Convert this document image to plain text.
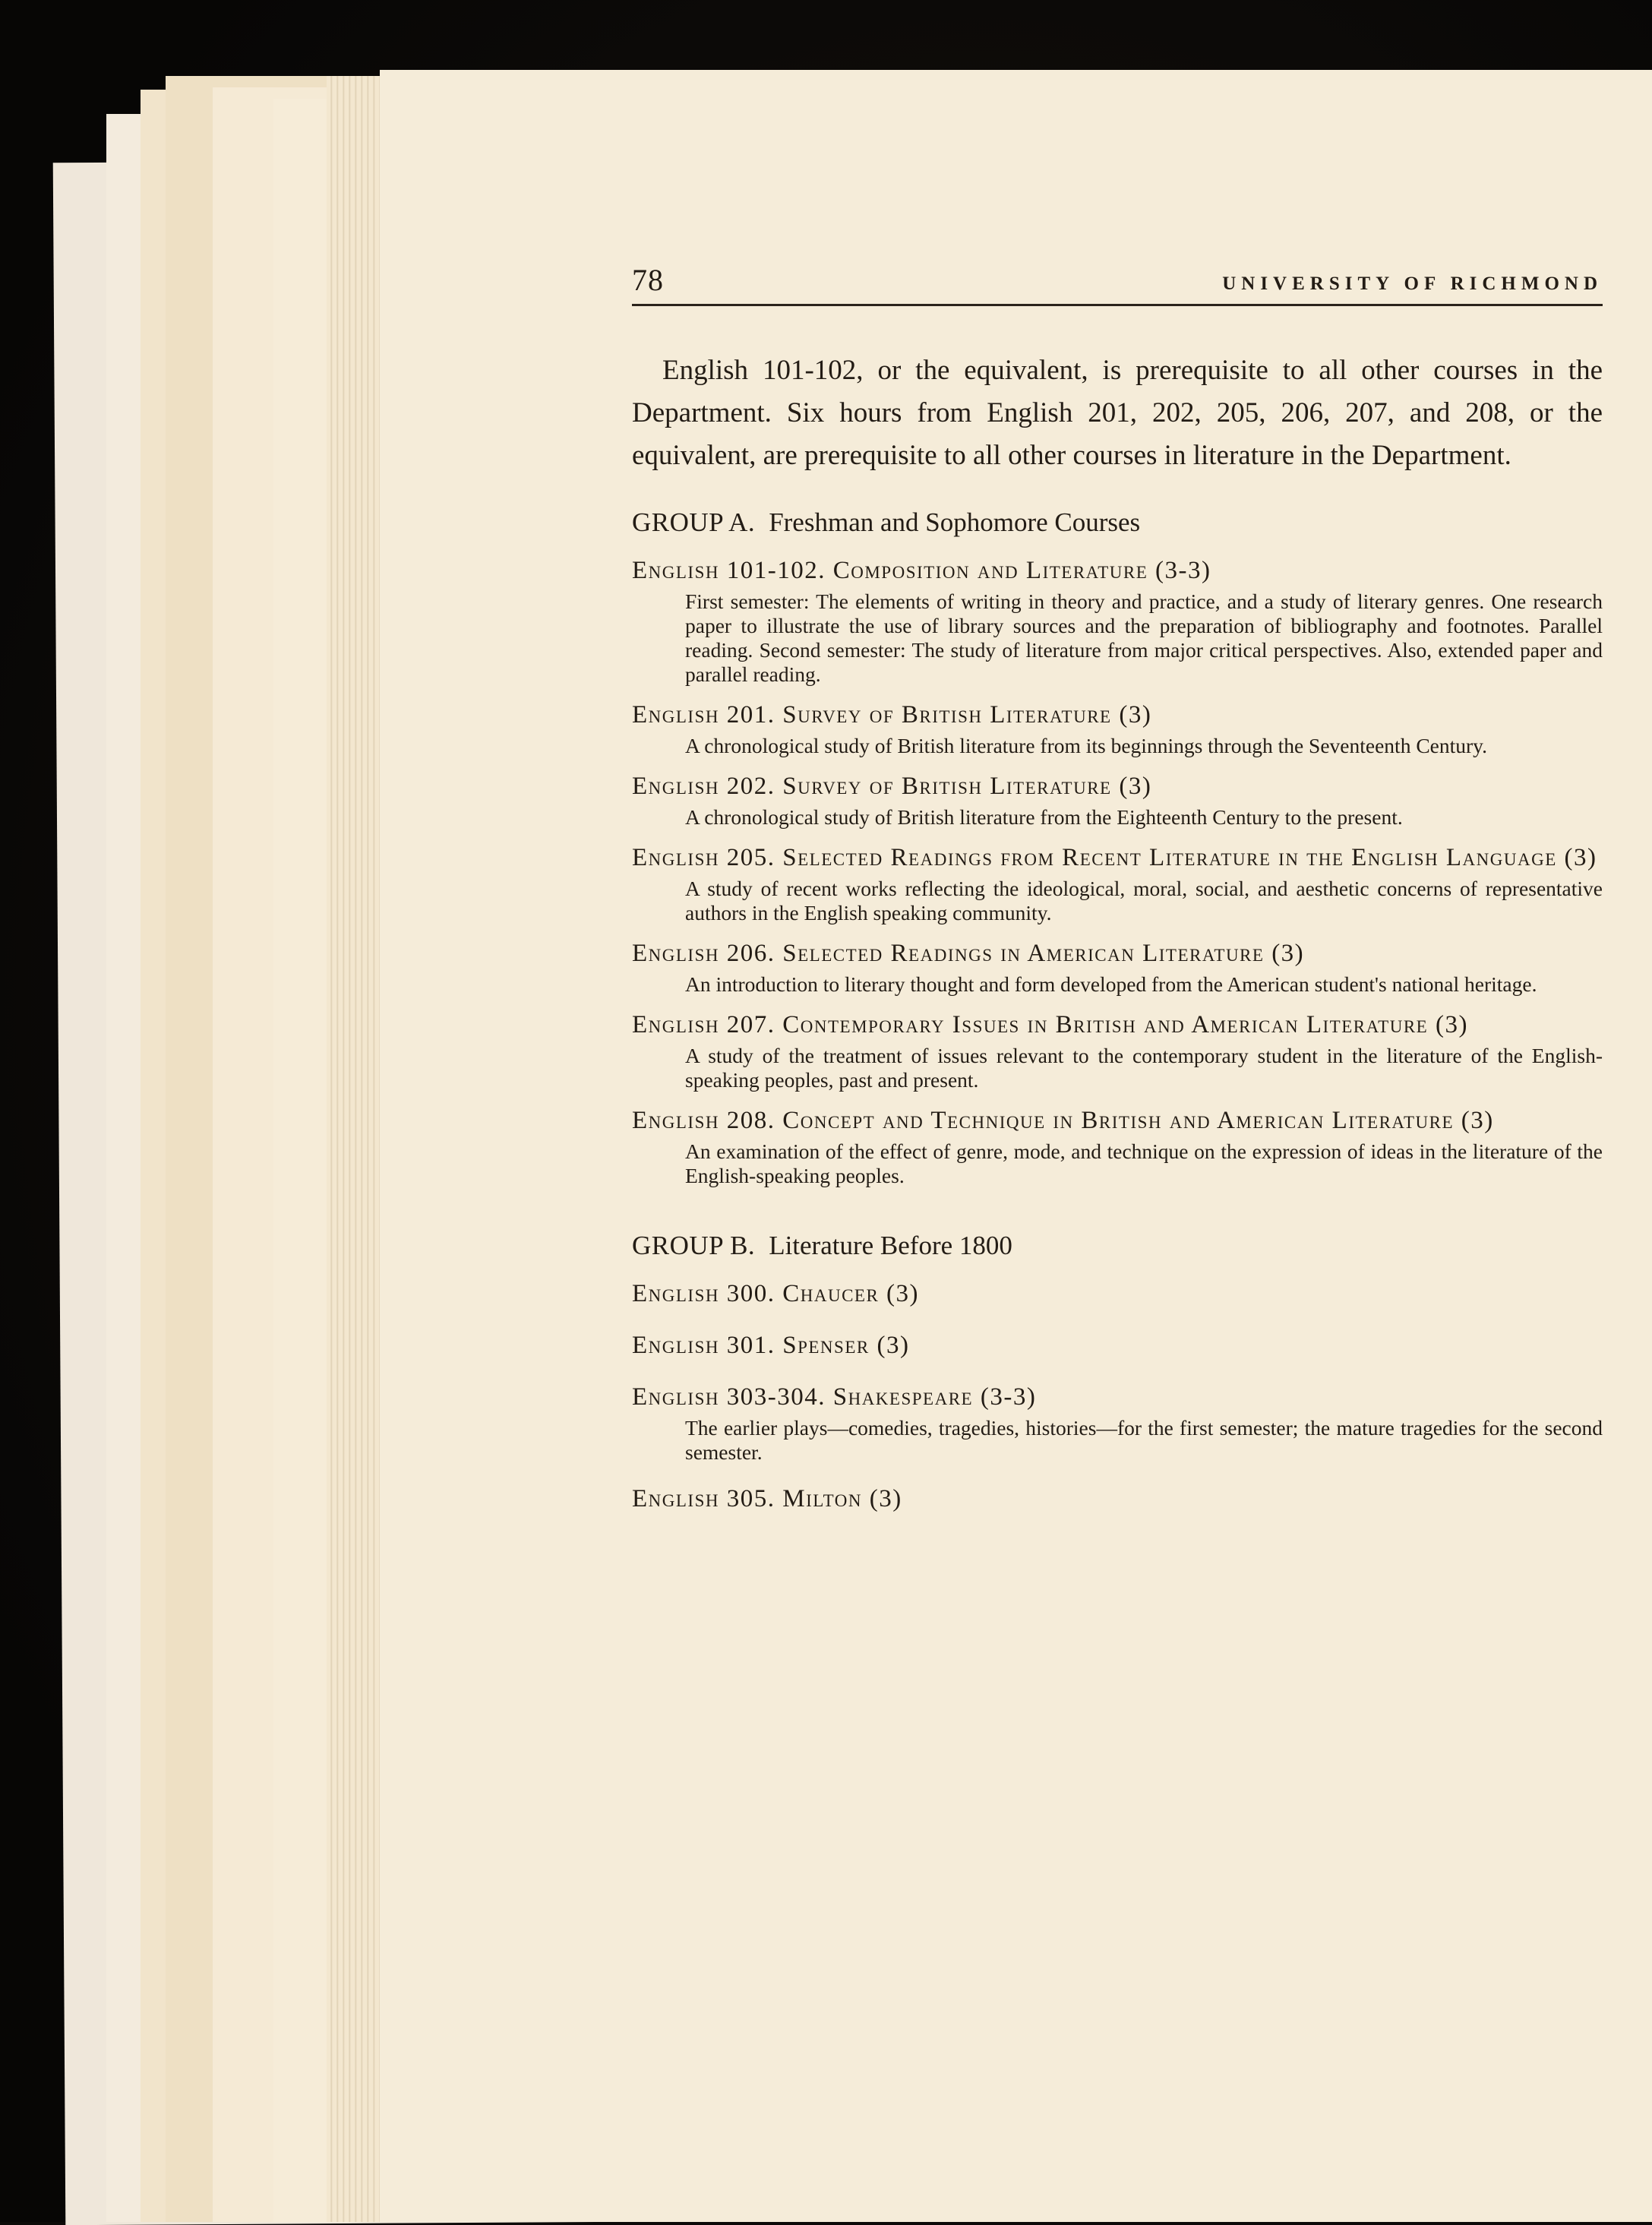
78	UNIVERSITY OF RICHMOND

English 101-102, or the equivalent, is prerequisite to all other courses in the Department. Six hours from English 201, 202, 205, 206, 207, and 208, or the equivalent, are prerequisite to all other courses in literature in the Department.

GROUP A. Freshman and Sophomore Courses
English 101-102. Composition and Literature (3-3)
First semester: The elements of writing in theory and practice, and a study of literary genres. One research paper to illustrate the use of library sources and the preparation of bibliography and footnotes. Parallel reading. Second semester: The study of literature from major critical perspectives. Also, extended paper and parallel reading.
English 201. Survey of British Literature (3)
A chronological study of British literature from its beginnings through the Seventeenth Century.
English 202. Survey of British Literature (3)
A chronological study of British literature from the Eighteenth Century to the present.
English 205. Selected Readings from Recent Literature in the English Language (3)
A study of recent works reflecting the ideological, moral, social, and aesthetic concerns of representative authors in the English speaking community.
English 206. Selected Readings in American Literature (3)
An introduction to literary thought and form developed from the American student's national heritage.
English 207. Contemporary Issues in British and American Literature (3)
A study of the treatment of issues relevant to the contemporary student in the literature of the English-speaking peoples, past and present.
English 208. Concept and Technique in British and American Literature (3)
An examination of the effect of genre, mode, and technique on the expression of ideas in the literature of the English-speaking peoples.
GROUP B. Literature Before 1800
English 300. Chaucer (3)
English 301. Spenser (3)
English 303-304. Shakespeare (3-3)
The earlier plays—comedies, tragedies, histories—for the first semester; the mature tragedies for the second semester.
English 305. Milton (3)
